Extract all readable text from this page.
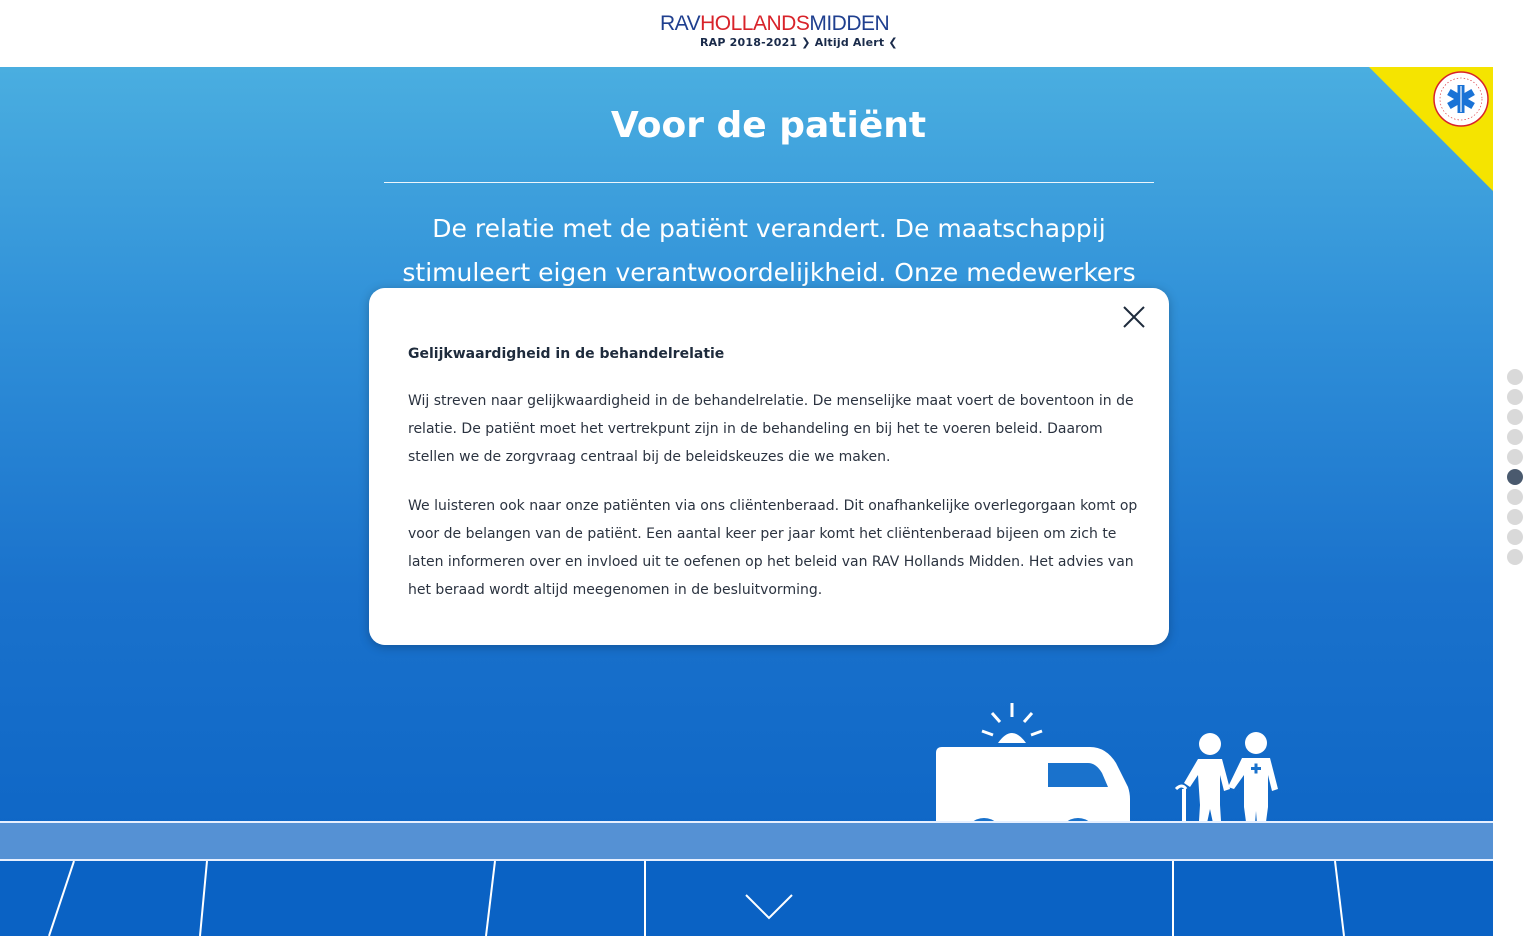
RAVHOLLANDSMIDDEN
RAP 2018-2021 ❯ Altijd Alert ❮
Voor de patiënt
De relatie met de patiënt verandert. De maatschappij stimuleert eigen verantwoordelijkheid. Onze medewerkers
Gelijkwaardigheid in de behandelrelatie
Wij streven naar gelijkwaardigheid in de behandelrelatie. De menselijke maat voert de boventoon in de relatie. De patiënt moet het vertrekpunt zijn in de behandeling en bij het te voeren beleid. Daarom stellen we de zorgvraag centraal bij de beleidskeuzes die we maken.
We luisteren ook naar onze patiënten via ons cliëntenberaad. Dit onafhankelijke overlegorgaan komt op voor de belangen van de patiënt. Een aantal keer per jaar komt het cliëntenberaad bijeen om zich te laten informeren over en invloed uit te oefenen op het beleid van RAV Hollands Midden. Het advies van het beraad wordt altijd meegenomen in de besluitvorming.
